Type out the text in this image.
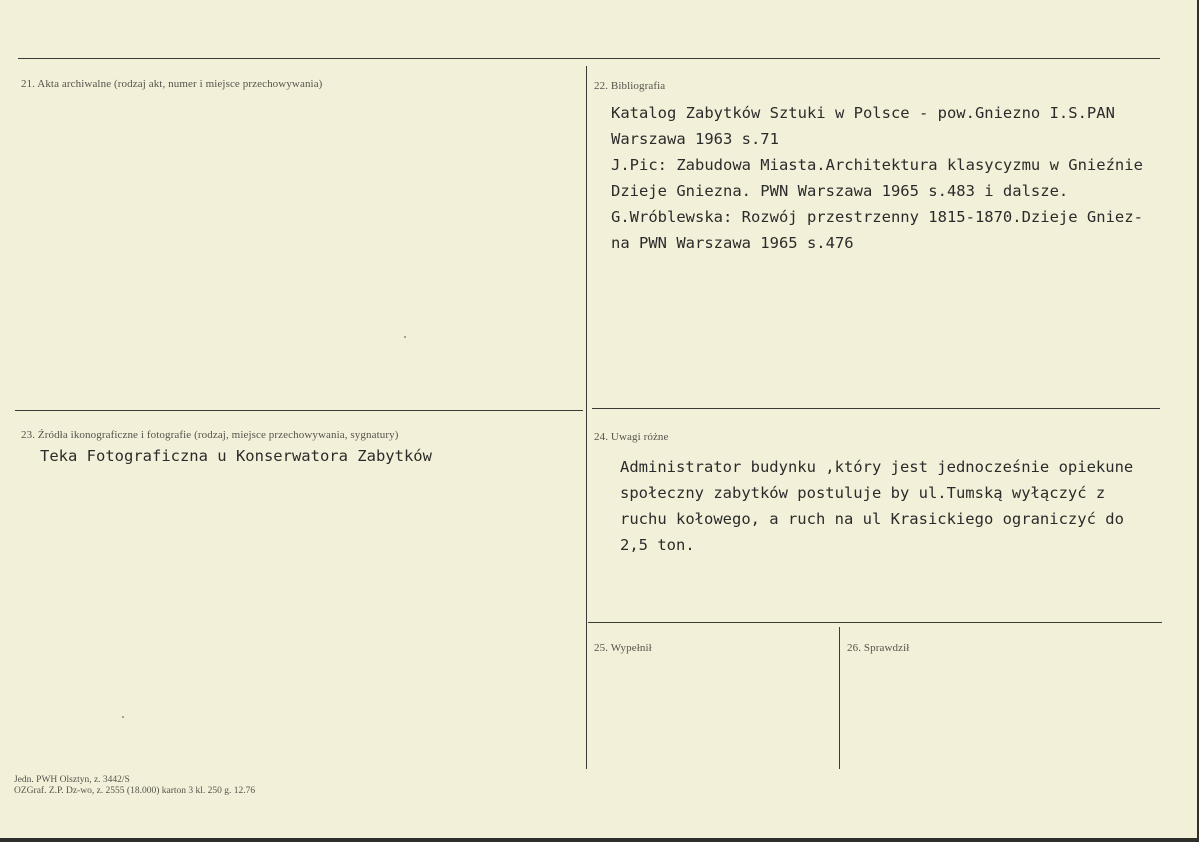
21. Akta archiwalne (rodzaj akt, numer i miejsce przechowywania)	22. Bibliografia
Katalog Zabytków Sztuki w Polsce - pow.Gniezno I.S.PAN
Warszawa 1963 s.71
J.Pic: Zabudowa Miasta.Architektura klasycyzmu w Gnieźnie
Dzieje Gniezna. PWN Warszawa 1965 s.483 i dalsze.
G.Wróblewska: Rozwój przestrzenny 1815-1870.Dzieje Gniez-
na PWN Warszawa 1965 s.476
23. Źródła ikonograficzne i fotografie (rodzaj, miejsce przechowywania, sygnatury)
Teka Fotograficzna u Konserwatora Zabytków
24. Uwagi różne
Administrator budynku ,który jest jednocześnie opiekune
społeczny zabytków postuluje by ul.Tumską wyłączyć z
ruchu kołowego, a ruch na ul Krasickiego ograniczyć do
2,5 ton.
25. Wypełnił	26. Sprawdził
Jedn. PWH Olsztyn, z. 3442/S
OZGraf. Z.P. Dz-wo, z. 2555 (18.000) karton 3 kl. 250 g. 12.76
